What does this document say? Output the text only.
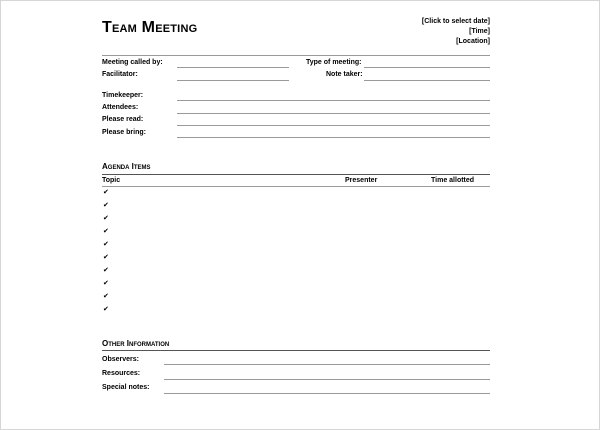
Team Meeting	[Click to select date]
[Time]
[Location]
Meeting called by:	Type of meeting:
Facilitator:	Note taker:
Timekeeper:
Attendees:
Please read:
Please bring:
Agenda Items
Topic	Presenter	Time allotted
✔
✔
✔
✔
✔
✔
✔
✔
✔
✔
Other Information
Observers:
Resources:
Special notes:
